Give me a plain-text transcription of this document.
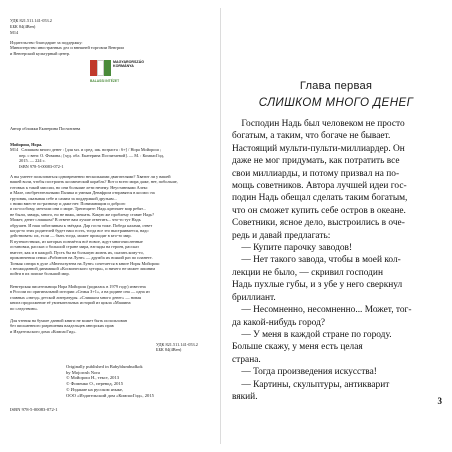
УДК 821.511.141-053.2
ББК 84(4Вен)
М14
Издательство благодарит за поддержку:
Министерство иностранных дел и внешней торговли Венгрии
и Венгерский культурный центр.
MAGYARORSZÁG
KORMÁNYA
BALASSI INTÉZET
Автор обложки Екатерина Посчитаева
Мойорош, Нора.
М14   Слишком много денег : [для мл. и сред. шк. возраста : 6+] / Нора Мойорош ;
пер. с венг. О. Фомина.; [худ. обл. Екатерина Посчитаевой]. — М. : КомпасГид,
2015. — 224 с.
ISBN 978-5-00083-072-1
А вы умеете пользоваться одновременно несколькими двигателями? Хватит ли у вашей
вашей воли, чтобы построить космический корабль? Вот и всего мира даже, нет, побольше,
готовых к такой миссии, но они большие лети нечему. Неустанными Алекс
и Мале, изобретательными Палика и умным Денафром отправятся в космос на
грузовик, оказывая себе и самим за поддержкой друзьям...
с ними вместе по-разному и даже нет. Понимающим и доброго
и по-особому, мечтали они о мире. Трепещите: Надь крепчает мир ребят...
не были, завидь, много, но не вижь, мешать. Какую же проблему ставит Надь?
Может, денег слишком? В ответе вам лучше ответить... что-то тут Надь
обрушен. И наш заботливым к звёздам. Дар гостя тоже. Победа калами, ответ
когда-то этих родителей будет наш гость, тогда все это выстраивается, надо
действовать: их, если — быть тогда, может приходят в кто-то мир.
В путешествиях, из которых познаётся всё новое, ждут многочисленные
остановки, рассказ о большой стране мира, взгляды на героев, рассказ
вместе, как и в каждой. Пусть бы на большую жизнь их, сказать кому-то,
приключения семьи «Робинзон на Луне» — дружба их всякий раз по планете.
Тонкая сатира в духе «Мюнхгаузена на Луне» сочетается в книге Норы Мойорош
с неожиданной динамикой «Космического хутора», и ничего не может лишним
пойти в их поиске большой мир.
Венгерская писательница Нора Мойорош (родилась в 1979 году) известна
в России по оригинальной истории «Семья З+1», а на родине она — одна из
главных «звезд» детской литературы. «Слишком много денег» — новая
книга продолжение её увлекательных историй из цикла «Машина
по следствию».
Для чтения на бумаге данной книги не может быть использован
без письменного разрешения владельцев авторских прав
и Издательского дома «КомпасГид».
УДК 821.511.141-053.2
ББК 84(4Вен)
Originally published in Babyblumbudkok
by Mojorosh Nora
© Мойорош Н., текст, 2013
© Фоменко О., перевод, 2015
© Издание на русском языке,
ООО «Издательский дом «КомпасГид», 2015
ISBN 978-5-00083-072-1
Глава первая
СЛИШКОМ МНОГО ДЕНЕГ
Господин Надь был человеком не просто
богатым, а таким, что богаче не бывает.
Настоящий мульти-пульти-миллиардер. Он
даже не мог придумать, как потратить все
свои миллиарды, и потому призвал на по-
мощь советников. Автора лучшей идеи гос-
подин Надь обещал сделать таким богатым,
что он сможет купить себе остров в океане.
Советники, ясное дело, выстроились в оче-
редь и давай предлагать:
— Купите парочку заводов!
— Нет такого завода, чтобы в моей кол-
лекции не было, — скривил господин
Надь пухлые губы, и з убе у него сверкнул
бриллиант.
— Несомненно, несомненно... Может, тог-
да какой-нибудь город?
— У меня в каждой стране по городу.
Больше скажу, у меня есть целая
страна.
— Тогда произведения искусства!
— Картины, скульптуры, антикварит
вякий.	3
